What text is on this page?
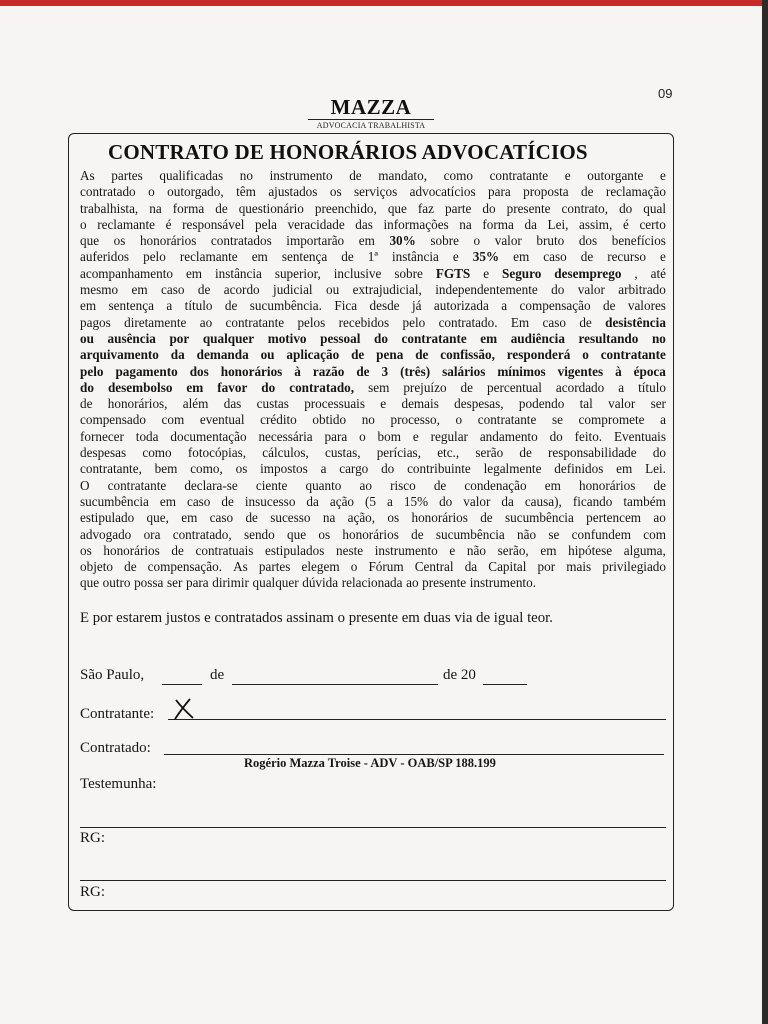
09
MAZZA
ADVOCACIA TRABALHISTA
CONTRATO DE HONORÁRIOS ADVOCATÍCIOS
As partes qualificadas no instrumento de mandato, como contratante e outorgante e
contratado o outorgado, têm ajustados os serviços advocatícios para proposta de reclamação
trabalhista, na forma de questionário preenchido, que faz parte do presente contrato, do qual
o reclamante é responsável pela veracidade das informações na forma da Lei, assim, é certo
que os honorários contratados importarão em 30% sobre o valor bruto dos benefícios
auferidos pelo reclamante em sentença de 1ª instância e 35% em caso de recurso e
acompanhamento em instância superior, inclusive sobre FGTS e Seguro desemprego , até
mesmo em caso de acordo judicial ou extrajudicial, independentemente do valor arbitrado
em sentença a título de sucumbência. Fica desde já autorizada a compensação de valores
pagos diretamente ao contratante pelos recebidos pelo contratado. Em caso de desistência
ou ausência por qualquer motivo pessoal do contratante em audiência resultando no
arquivamento da demanda ou aplicação de pena de confissão, responderá o contratante
pelo pagamento dos honorários à razão de 3 (três) salários mínimos vigentes à época
do desembolso em favor do contratado, sem prejuízo de percentual acordado a título
de honorários, além das custas processuais e demais despesas, podendo tal valor ser
compensado com eventual crédito obtido no processo, o contratante se compromete a
fornecer toda documentação necessária para o bom e regular andamento do feito. Eventuais
despesas como fotocópias, cálculos, custas, perícias, etc., serão de responsabilidade do
contratante, bem como, os impostos a cargo do contribuinte legalmente definidos em Lei.
O contratante declara-se ciente quanto ao risco de condenação em honorários de
sucumbência em caso de insucesso da ação (5 a 15% do valor da causa), ficando também
estipulado que, em caso de sucesso na ação, os honorários de sucumbência pertencem ao
advogado ora contratado, sendo que os honorários de sucumbência não se confundem com
os honorários de contratuais estipulados neste instrumento e não serão, em hipótese alguma,
objeto de compensação. As partes elegem o Fórum Central da Capital por mais privilegiado
que outro possa ser para dirimir qualquer dúvida relacionada ao presente instrumento.
E por estarem justos e contratados assinam o presente em duas via de igual teor.
São Paulo,	de	de 20
Contratante:
Contratado:
Rogério Mazza Troise - ADV - OAB/SP 188.199
Testemunha:
RG:
RG:
